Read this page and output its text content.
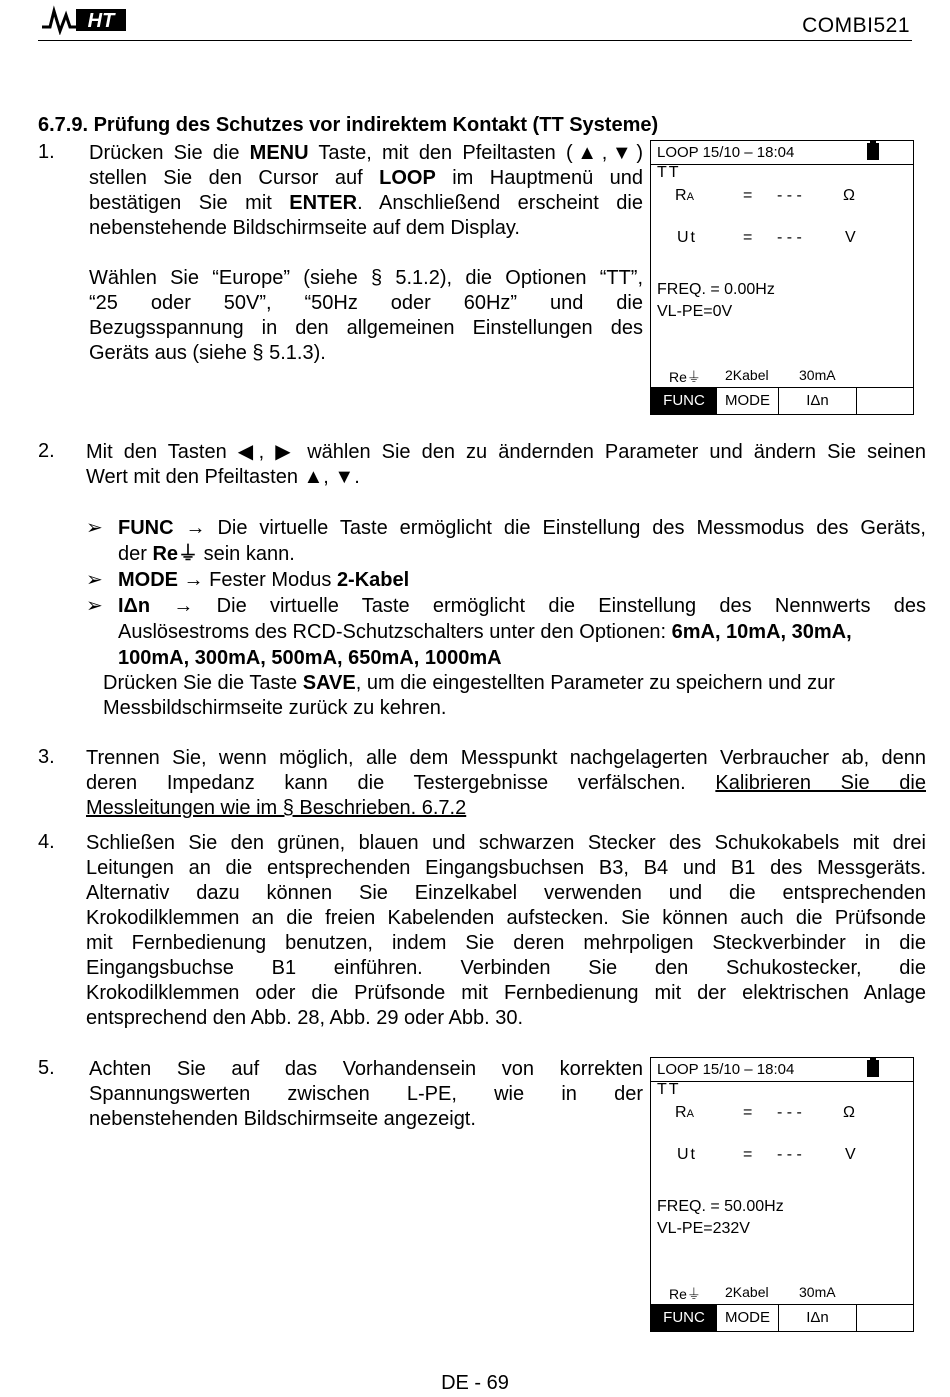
HT	COMBI521
6.7.9. Prüfung des Schutzes vor indirektem Kontakt (TT Systeme)
1. Drücken Sie die MENU Taste, mit den Pfeiltasten (▲,▼)

stellen Sie den Cursor auf LOOP im Hauptmenü und

bestätigen Sie mit ENTER. Anschließend erscheint die

nebenstehende Bildschirmseite auf dem Display.

Wählen Sie “Europe” (siehe § 5.1.2), die Optionen “TT”,

“25 oder 50V”, “50Hz oder 60Hz” und die

Bezugsspannung in den allgemeinen Einstellungen des

Geräts aus (siehe § 5.1.3).

LOOP 15/10 – 18:04
TT
RA	= - - -	Ω
Ut	= - - -	V
FREQ. = 0.00Hz
VL-PE=0V
Re⏚ 2Kabel 30mA
FUNC	MODE	IΔn
2. Mit den Tasten ◀, ▶ wählen Sie den zu ändernden Parameter und ändern Sie seinen

Wert mit den Pfeiltasten ▲, ▼.

➢ FUNC → Die virtuelle Taste ermöglicht die Einstellung des Messmodus des Geräts,
der Re⏚ sein kann.
➢ MODE → Fester Modus 2-Kabel
➢ IΔn → Die virtuelle Taste ermöglicht die Einstellung des Nennwerts des
Auslösestroms des RCD-Schutzschalters unter den Optionen: 6mA, 10mA, 30mA,
100mA, 300mA, 500mA, 650mA, 1000mA

Drücken Sie die Taste SAVE, um die eingestellten Parameter zu speichern und zur

Messbildschirmseite zurück zu kehren.

3. Trennen Sie, wenn möglich, alle dem Messpunkt nachgelagerten Verbraucher ab, denn

deren Impedanz kann die Testergebnisse verfälschen. Kalibrieren Sie die

Messleitungen wie im § Beschrieben. 6.7.2

4. Schließen Sie den grünen, blauen und schwarzen Stecker des Schukokabels mit drei

Leitungen an die entsprechenden Eingangsbuchsen B3, B4 und B1 des Messgeräts.

Alternativ dazu können Sie Einzelkabel verwenden und die entsprechenden

Krokodilklemmen an die freien Kabelenden aufstecken. Sie können auch die Prüfsonde

mit Fernbedienung benutzen, indem Sie deren mehrpoligen Steckverbinder in die

Eingangsbuchse B1 einführen. Verbinden Sie den Schukostecker, die

Krokodilklemmen oder die Prüfsonde mit Fernbedienung mit der elektrischen Anlage

entsprechend den Abb. 28, Abb. 29 oder Abb. 30.

5. Achten Sie auf das Vorhandensein von korrekten

Spannungswerten zwischen L-PE, wie in der

nebenstehenden Bildschirmseite angezeigt.

LOOP 15/10 – 18:04
TT
RA	= - - -	Ω
Ut	= - - -	V
FREQ. = 50.00Hz
VL-PE=232V
Re⏚ 2Kabel 30mA
FUNC	MODE	IΔn
DE - 69
